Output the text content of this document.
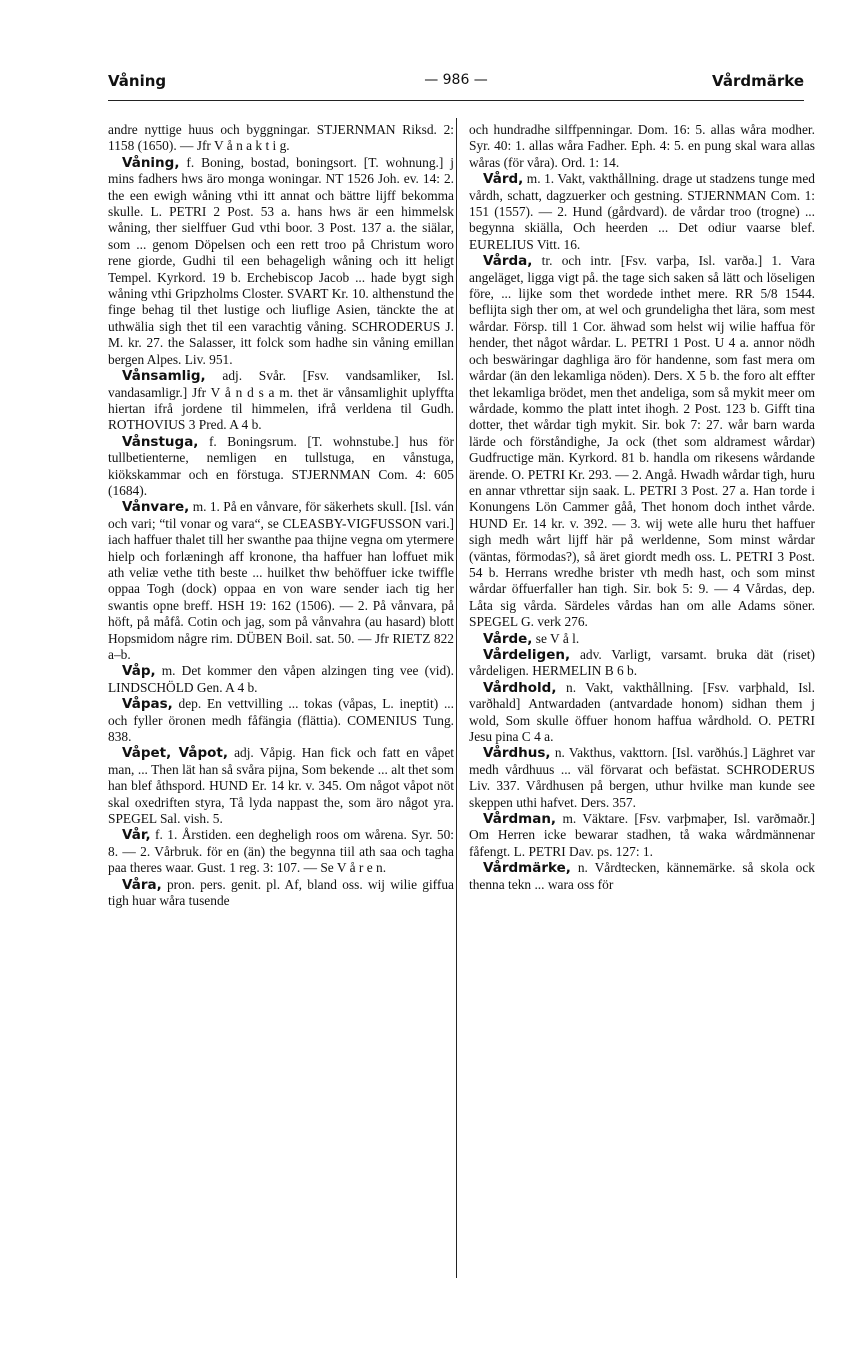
Våning	— 986 —	Vårdmärke

andre nyttige huus och byggningar. STJERNMAN Riksd. 2: 1158 (1650). — Jfr V å n a k t i g.

Våning, f. Boning, bostad, boningsort. [T. wohnung.] j mins fadhers hws äro monga woningar. NT 1526 Joh. ev. 14: 2. the een ewigh wåning vthi itt annat och bättre lijff bekomma skulle. L. PETRI 2 Post. 53 a. hans hws är een himmelsk wåning, ther sielffuer Gud vthi boor. 3 Post. 137 a. the siälar, som ... genom Döpelsen och een rett troo på Christum woro rene giorde, Gudhi til een behageligh wåning och itt heligt Tempel. Kyrkord. 19 b. Erchebiscop Jacob ... hade bygt sigh wåning vthi Gripzholms Closter. SVART Kr. 10. althenstund the finge behag til thet lustige och liuflige Asien, tänckte the at uthwälia sigh thet til een varachtig våning. SCHRODERUS J. M. kr. 27. the Salasser, itt folck som hadhe sin våning emillan bergen Alpes. Liv. 951.

Vånsamlig, adj. Svår. [Fsv. vandsamliker, Isl. vandasamligr.] Jfr V å n d s a m. thet är vånsamlighit uplyffta hiertan ifrå jordene til himmelen, ifrå verldena til Gudh. ROTHOVIUS 3 Pred. A 4 b.

Vånstuga, f. Boningsrum. [T. wohnstube.] hus för tullbetienterne, nemligen en tullstuga, en vånstuga, kiökskammar och en förstuga. STJERNMAN Com. 4: 605 (1684).

Vånvare, m. 1. På en vånvare, för säkerhets skull. [Isl. ván och vari; “til vonar og vara“, se CLEASBY-VIGFUSSON vari.] iach haffuer thalet till her swanthe paa thijne vegna om ytermere hielp och forlæningh aff kronone, tha haffuer han loffuet mik ath veliæ vethe tith beste ... huilket thw behöffuer icke twiffle oppaa Togh (dock) oppaa en von ware sender iach tig her swantis opne breff. HSH 19: 162 (1506). — 2. På vånvara, på höft, på måfå. Cotin och jag, som på vånvahra (au hasard) blott Hopsmidom någre rim. DÜBEN Boil. sat. 50. — Jfr RIETZ 822 a–b.

Våp, m. Det kommer den våpen alzingen ting vee (vid). LINDSCHÖLD Gen. A 4 b.

Våpas, dep. En vettvilling ... tokas (våpas, L. ineptit) ... och fyller öronen medh fåfängia (flättia). COMENIUS Tung. 838.

Våpet, Våpot, adj. Våpig. Han fick och fatt en våpet man, ... Then lät han så svåra pijna, Som bekende ... alt thet som han blef åthspord. HUND Er. 14 kr. v. 345. Om något våpot nöt skal oxedriften styra, Tå lyda nappast the, som äro något yra. SPEGEL Sal. vish. 5.

Vår, f. 1. Årstiden. een deghеligh roos om wårena. Syr. 50: 8. — 2. Vårbruk. för en (än) the begynna tiil ath saa och tagha paa theres waar. Gust. 1 reg. 3: 107. — Se V å r e n.

Våra, pron. pers. genit. pl. Af, bland oss. wij wilie giffua tigh huar wåra tusende

och hundradhe silffpenningar. Dom. 16: 5. allas wåra modher. Syr. 40: 1. allas wåra Fadher. Eph. 4: 5. en pung skal wara allas wåras (för våra). Ord. 1: 14.

Vård, m. 1. Vakt, vakthållning. drage ut stadzens tunge med vårdh, schatt, dagzuerker och gestning. STJERNMAN Com. 1: 151 (1557). — 2. Hund (gårdvard). de vårdar troo (trogne) ... begynna skiälla, Och heerden ... Det odiur vaarse blef. EURELIUS Vitt. 16.

Vårda, tr. och intr. [Fsv. varþa, Isl. varða.] 1. Vara angeläget, ligga vigt på. the tage sich saken så lätt och löseligen före, ... lijke som thet wordede inthet mere. RR 5/8 1544. beflijta sigh ther om, at wel och grundeligha thet lära, som mest wårdar. Försp. till 1 Cor. ähwad som helst wij wilie haffua för hender, thet något wårdar. L. PETRI 1 Post. U 4 a. annor nödh och beswäringar daghliga äro för handenne, som fast mera om wårdar (än den lekamliga nöden). Ders. X 5 b. the foro alt effter thet lekamliga brödet, men thet andeliga, som så mykit meer om wårdade, kommo the platt intet ihogh. 2 Post. 123 b. Gifft tina dotter, thet wårdar tigh mykit. Sir. bok 7: 27. wår barn warda lärde och förståndighe, Ja ock (thet som aldramest wårdar) Gudfructige män. Kyrkord. 81 b. handla om rikesens wårdande ärende. O. PETRI Kr. 293. — 2. Angå. Hwadh wårdar tigh, huru en annar vthrettar sijn saak. L. PETRI 3 Post. 27 a. Han torde i Konungens Lön Cammer gåå, Thet honom doch inthet vårde. HUND Er. 14 kr. v. 392. — 3. wij wete alle huru thet haffuer sigh medh wårt lijff här på werldenne, Som minst wårdar (väntas, förmodas?), så äret giordt medh oss. L. PETRI 3 Post. 54 b. Herrans wredhe brister vth medh hast, och som minst wårdar öffuerfaller han tigh. Sir. bok 5: 9. — 4 Vårdas, dep. Låta sig vårda. Särdeles vårdas han om alle Adams söner. SPEGEL G. verk 276.

Vårde, se V å l.

Vårdeligen, adv. Varligt, varsamt. bruka dät (riset) vårdeligen. HERMELIN B 6 b.

Vårdhold, n. Vakt, vakthållning. [Fsv. varþhald, Isl. varðhald] Antwardaden (antvardade honom) sidhan them j wold, Som skulle öffuer honom haffua wårdhold. O. PETRI Jesu pina C 4 a.

Vårdhus, n. Vakthus, vakttorn. [Isl. varðhús.] Läghret var medh vårdhuus ... väl förvarat och befästat. SCHRODERUS Liv. 337. Vårdhusen på bergen, uthur hvilke man kunde see skeppen uthi hafvet. Ders. 357.

Vårdman, m. Väktare. [Fsv. varþmaþer, Isl. varðmaðr.] Om Herren icke bewarar stadhen, tå waka wårdmännenar fåfengt. L. PETRI Dav. ps. 127: 1.

Vårdmärke, n. Vårdtecken, kännemärke. så skola ock thenna tekn ... wara oss för
